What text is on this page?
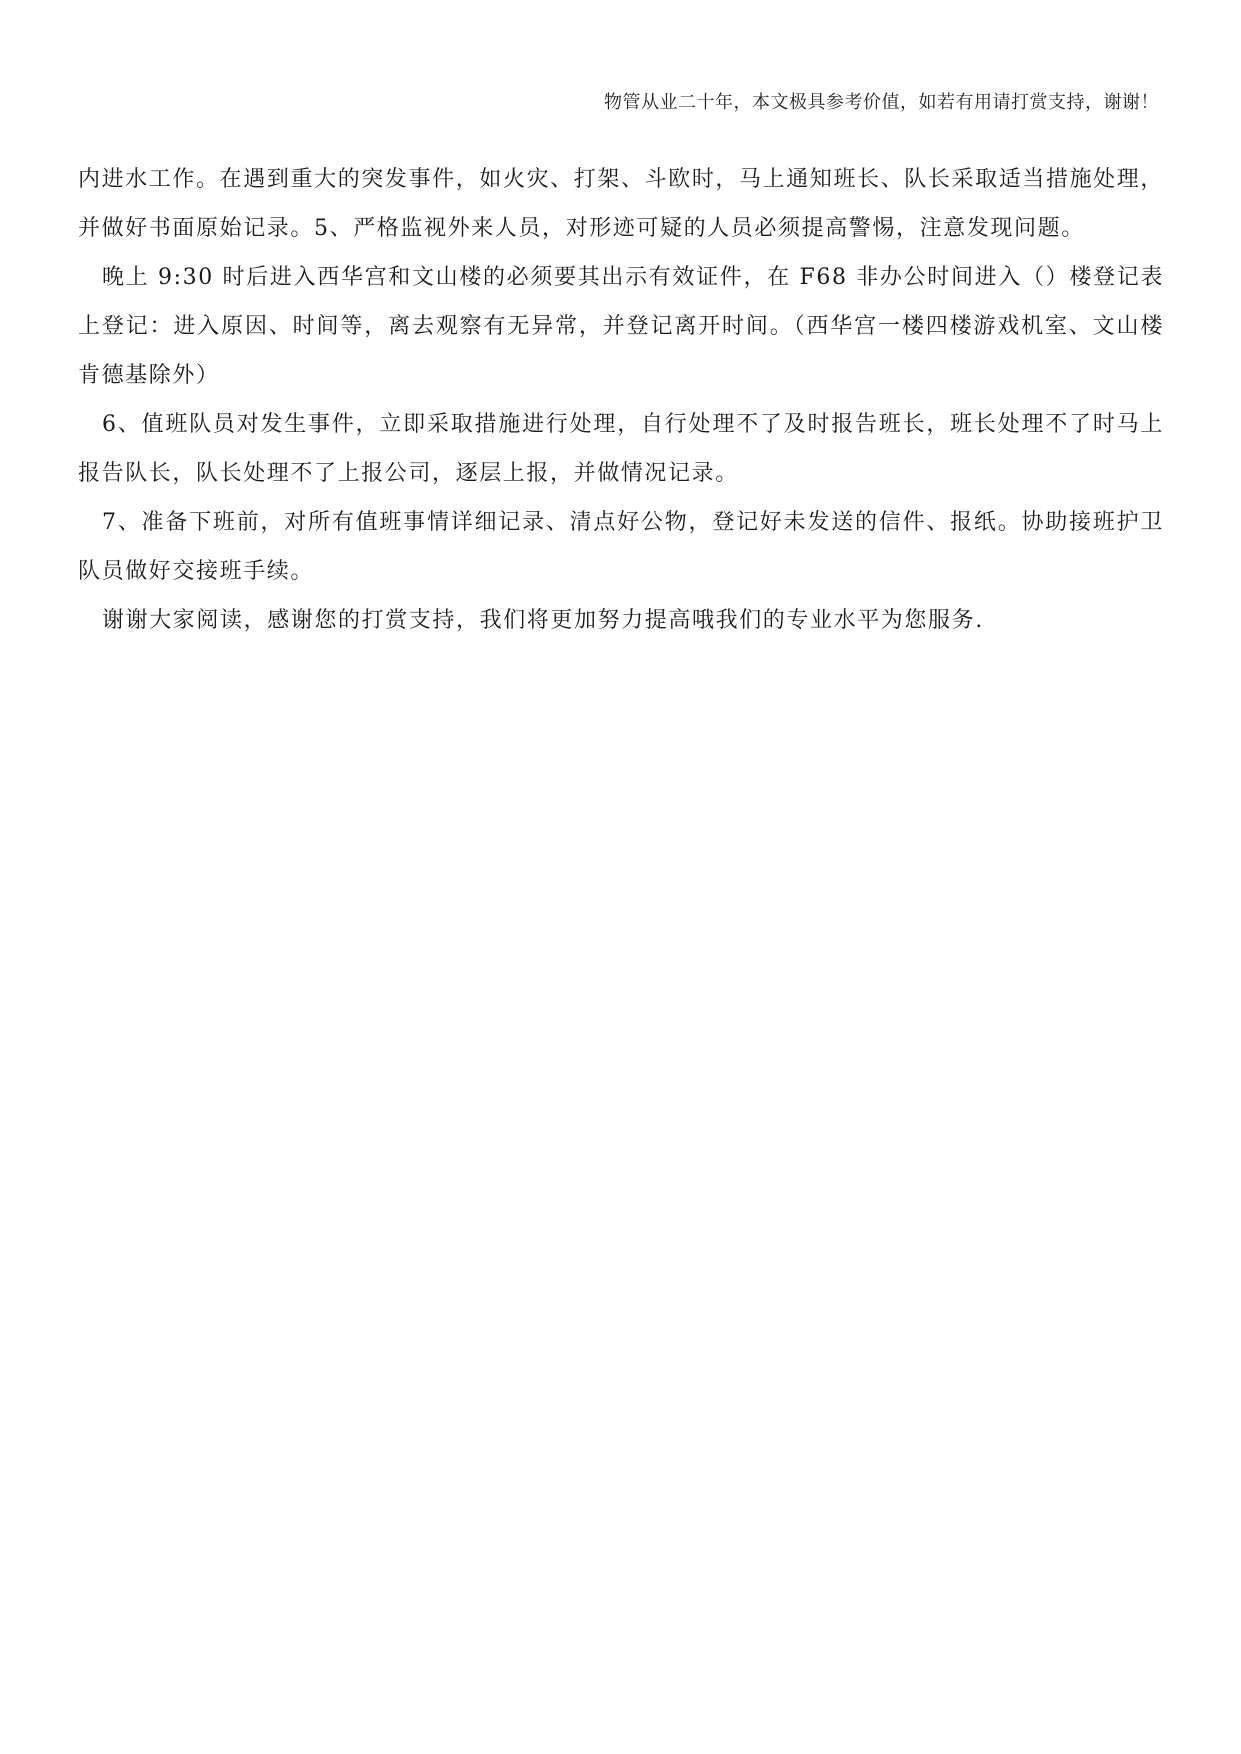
物管从业二十年，本文极具参考价值，如若有用请打赏支持，谢谢！

内进水工作。在遇到重大的突发事件，如火灾、打架、斗欧时，马上通知班长、队长采取适当措施处理，并做好书面原始记录。5、严格监视外来人员，对形迹可疑的人员必须提高警惕，注意发现问题。

晚上 9:30 时后进入西华宫和文山楼的必须要其出示有效证件，在 F68 非办公时间进入（）楼登记表上登记：进入原因、时间等，离去观察有无异常，并登记离开时间。（西华宫一楼四楼游戏机室、文山楼肯德基除外）

6、值班队员对发生事件，立即采取措施进行处理，自行处理不了及时报告班长，班长处理不了时马上报告队长，队长处理不了上报公司，逐层上报，并做情况记录。

7、准备下班前，对所有值班事情详细记录、清点好公物，登记好未发送的信件、报纸。协助接班护卫队员做好交接班手续。

谢谢大家阅读，感谢您的打赏支持，我们将更加努力提高哦我们的专业水平为您服务.
